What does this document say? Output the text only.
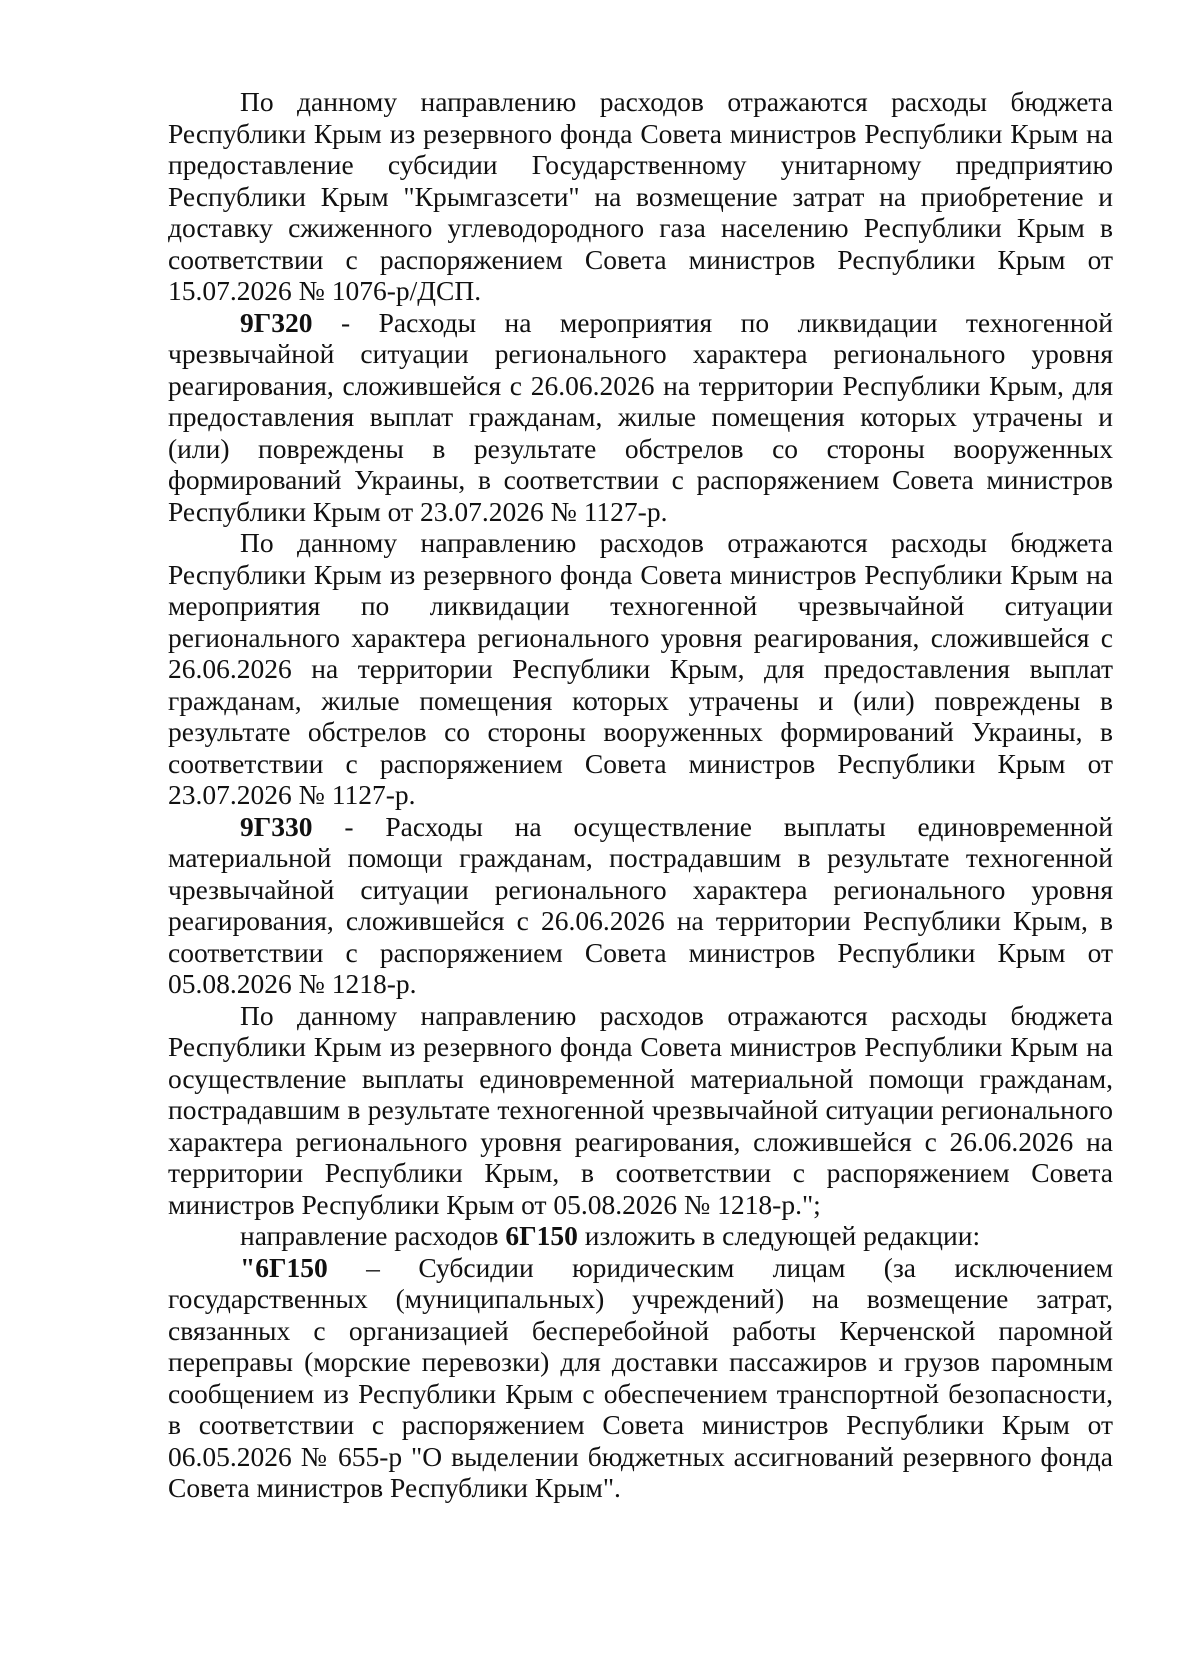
По данному направлению расходов отражаются расходы бюджета Республики Крым из резервного фонда Совета министров Республики Крым на предоставление субсидии Государственному унитарному предприятию Республики Крым "Крымгазсети" на возмещение затрат на приобретение и доставку сжиженного углеводородного газа населению Республики Крым в соответствии с распоряжением Совета министров Республики Крым от 15.07.2026 № 1076-р/ДСП.

9Г320 - Расходы на мероприятия по ликвидации техногенной чрезвычайной ситуации регионального характера регионального уровня реагирования, сложившейся с 26.06.2026 на территории Республики Крым, для предоставления выплат гражданам, жилые помещения которых утрачены и (или) повреждены в результате обстрелов со стороны вооруженных формирований Украины, в соответствии с распоряжением Совета министров Республики Крым от 23.07.2026 № 1127-р.

По данному направлению расходов отражаются расходы бюджета Республики Крым из резервного фонда Совета министров Республики Крым на мероприятия по ликвидации техногенной чрезвычайной ситуации регионального характера регионального уровня реагирования, сложившейся с 26.06.2026 на территории Республики Крым, для предоставления выплат гражданам, жилые помещения которых утрачены и (или) повреждены в результате обстрелов со стороны вооруженных формирований Украины, в соответствии с распоряжением Совета министров Республики Крым от 23.07.2026 № 1127-р.

9Г330 - Расходы на осуществление выплаты единовременной материальной помощи гражданам, пострадавшим в результате техногенной чрезвычайной ситуации регионального характера регионального уровня реагирования, сложившейся с 26.06.2026 на территории Республики Крым, в соответствии с распоряжением Совета министров Республики Крым от 05.08.2026 № 1218-р.

По данному направлению расходов отражаются расходы бюджета Республики Крым из резервного фонда Совета министров Республики Крым на осуществление выплаты единовременной материальной помощи гражданам, пострадавшим в результате техногенной чрезвычайной ситуации регионального характера регионального уровня реагирования, сложившейся с 26.06.2026 на территории Республики Крым, в соответствии с распоряжением Совета министров Республики Крым от 05.08.2026 № 1218-р.";

направление расходов 6Г150 изложить в следующей редакции:

"6Г150 – Субсидии юридическим лицам (за исключением государственных (муниципальных) учреждений) на возмещение затрат, связанных с организацией бесперебойной работы Керченской паромной переправы (морские перевозки) для доставки пассажиров и грузов паромным сообщением из Республики Крым с обеспечением транспортной безопасности, в соответствии с распоряжением Совета министров Республики Крым от 06.05.2026 № 655-р "О выделении бюджетных ассигнований резервного фонда Совета министров Республики Крым".
